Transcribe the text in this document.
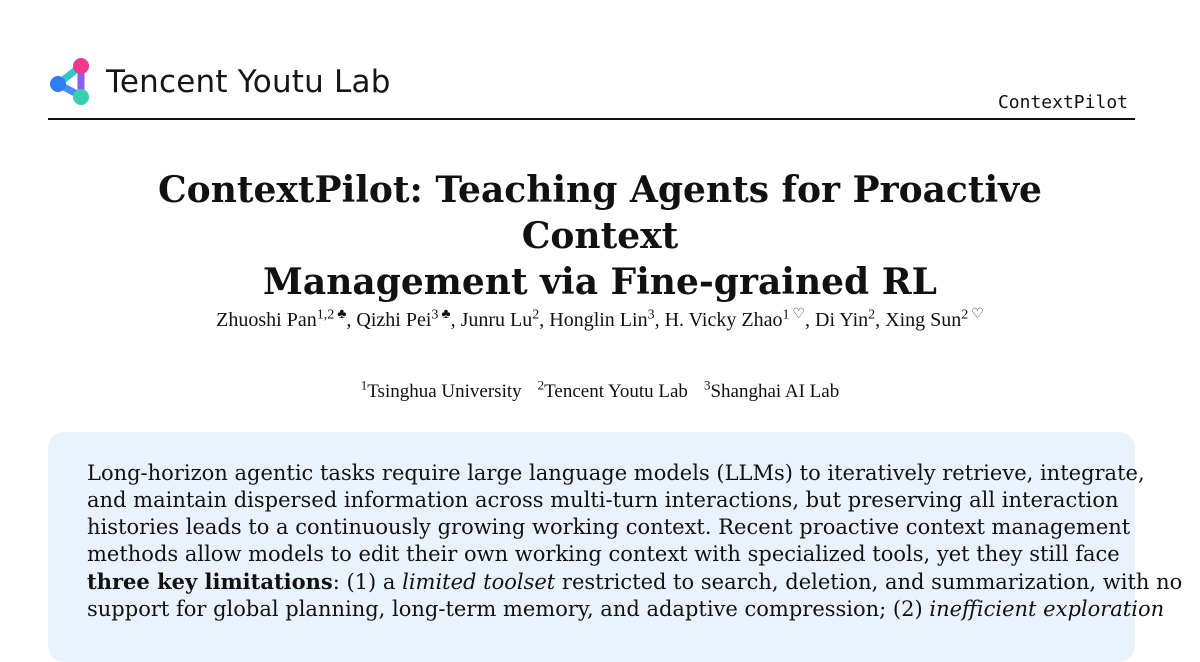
Tencent Youtu Lab
ContextPilot
ContextPilot: Teaching Agents for Proactive Context
Management via Fine-grained RL
Zhuoshi Pan$^{1,2}$ ♣, Qizhi Pei$^3$ ♣, Junru Lu$^2$, Honglin Lin$^3$, H. Vicky Zhao$^1$ ♡, Di Yin$^2$, Xing Sun$^2$ ♡
$^1$Tsinghua University $^2$Tencent Youtu Lab $^3$Shanghai AI Lab
Long-horizon agentic tasks require large language models (LLMs) to iteratively retrieve, integrate,
and maintain dispersed information across multi-turn interactions, but preserving all interaction
histories leads to a continuously growing working context. Recent proactive context management
methods allow models to edit their own working context with specialized tools, yet they still face
three key limitations: (1) a limited toolset restricted to search, deletion, and summarization, with no
support for global planning, long-term memory, and adaptive compression; (2) inefficient exploration
